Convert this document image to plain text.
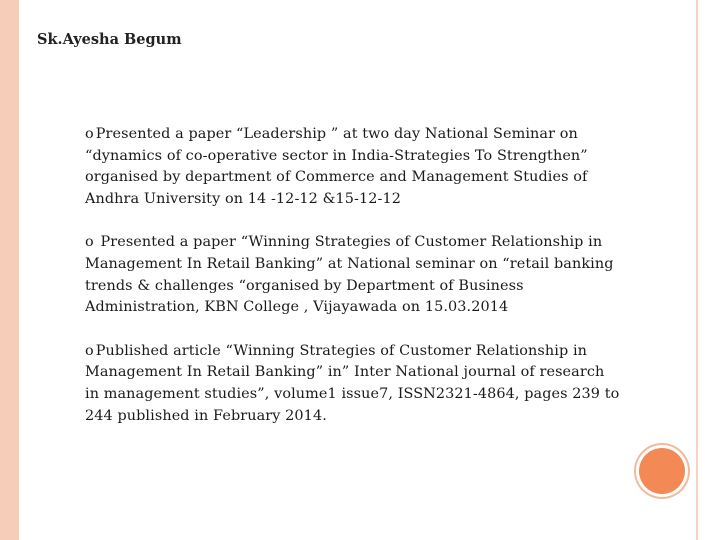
Sk.Ayesha Begum

o Presented a paper “Leadership ” at two day National Seminar on “dynamics of co-operative sector in India-Strategies To Strengthen” organised by department of Commerce and Management Studies of Andhra University on 14 -12-12 &15-12-12

o Presented a paper “Winning Strategies of Customer Relationship in Management In Retail Banking” at National seminar on “retail banking trends & challenges “organised by Department of Business Administration, KBN College , Vijayawada on 15.03.2014

o Published article “Winning Strategies of Customer Relationship in Management In Retail Banking” in” Inter National journal of research in management studies”, volume1 issue7, ISSN2321-4864, pages 239 to 244 published in February 2014.
